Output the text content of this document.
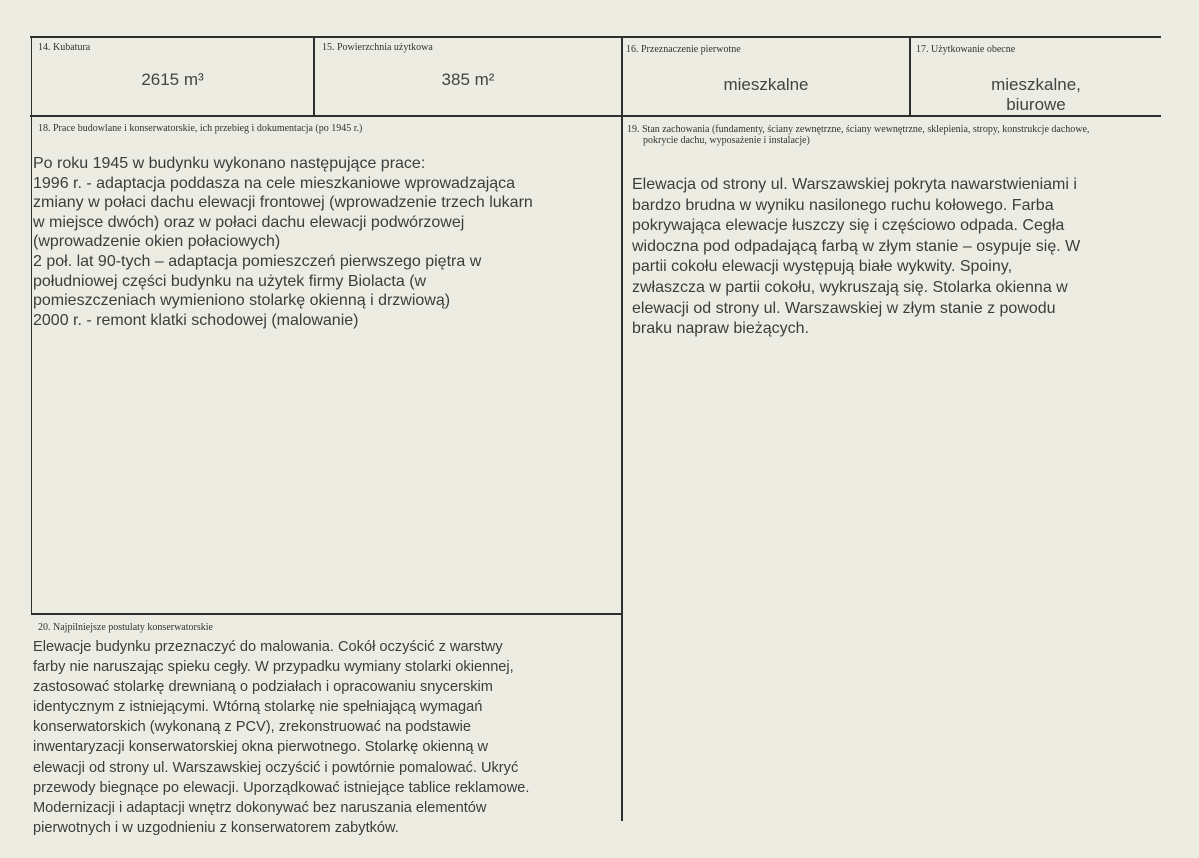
14. Kubatura
2615 m³
15. Powierzchnia użytkowa
385 m²
16. Przeznaczenie pierwotne
mieszkalne
17. Użytkowanie obecne
mieszkalne,
biurowe
18. Prace budowlane i konserwatorskie, ich przebieg i dokumentacja (po 1945 r.)
Po roku 1945 w budynku wykonano następujące prace:
1996 r. - adaptacja poddasza na cele mieszkaniowe wprowadzająca
zmiany w połaci dachu elewacji frontowej (wprowadzenie trzech lukarn
w miejsce dwóch) oraz w połaci dachu elewacji podwórzowej
(wprowadzenie okien połaciowych)
2 poł. lat 90-tych – adaptacja pomieszczeń pierwszego piętra w
południowej części budynku na użytek firmy Biolacta (w
pomieszczeniach wymieniono stolarkę okienną i drzwiową)
2000 r. - remont klatki schodowej (malowanie)
19. Stan zachowania (fundamenty, ściany zewnętrzne, ściany wewnętrzne, sklepienia, stropy, konstrukcje dachowe,
pokrycie dachu, wyposażenie i instalacje)
Elewacja od strony ul. Warszawskiej pokryta nawarstwieniami i
bardzo brudna w wyniku nasilonego ruchu kołowego. Farba
pokrywająca elewacje łuszczy się i częściowo odpada. Cegła
widoczna pod odpadającą farbą w złym stanie – osypuje się. W
partii cokołu elewacji występują białe wykwity. Spoiny,
zwłaszcza w partii cokołu, wykruszają się. Stolarka okienna w
elewacji od strony ul. Warszawskiej w złym stanie z powodu
braku napraw bieżących.
20. Najpilniejsze postulaty konserwatorskie
Elewacje budynku przeznaczyć do malowania. Cokół oczyścić z warstwy
farby nie naruszając spieku cegły. W przypadku wymiany stolarki okiennej,
zastosować stolarkę drewnianą o podziałach i opracowaniu snycerskim
identycznym z istniejącymi. Wtórną stolarkę nie spełniającą wymagań
konserwatorskich (wykonaną z PCV), zrekonstruować na podstawie
inwentaryzacji konserwatorskiej okna pierwotnego. Stolarkę okienną w
elewacji od strony ul. Warszawskiej oczyścić i powtórnie pomalować. Ukryć
przewody biegnące po elewacji. Uporządkować istniejące tablice reklamowe.
Modernizacji i adaptacji wnętrz dokonywać bez naruszania elementów
pierwotnych i w uzgodnieniu z konserwatorem zabytków.
